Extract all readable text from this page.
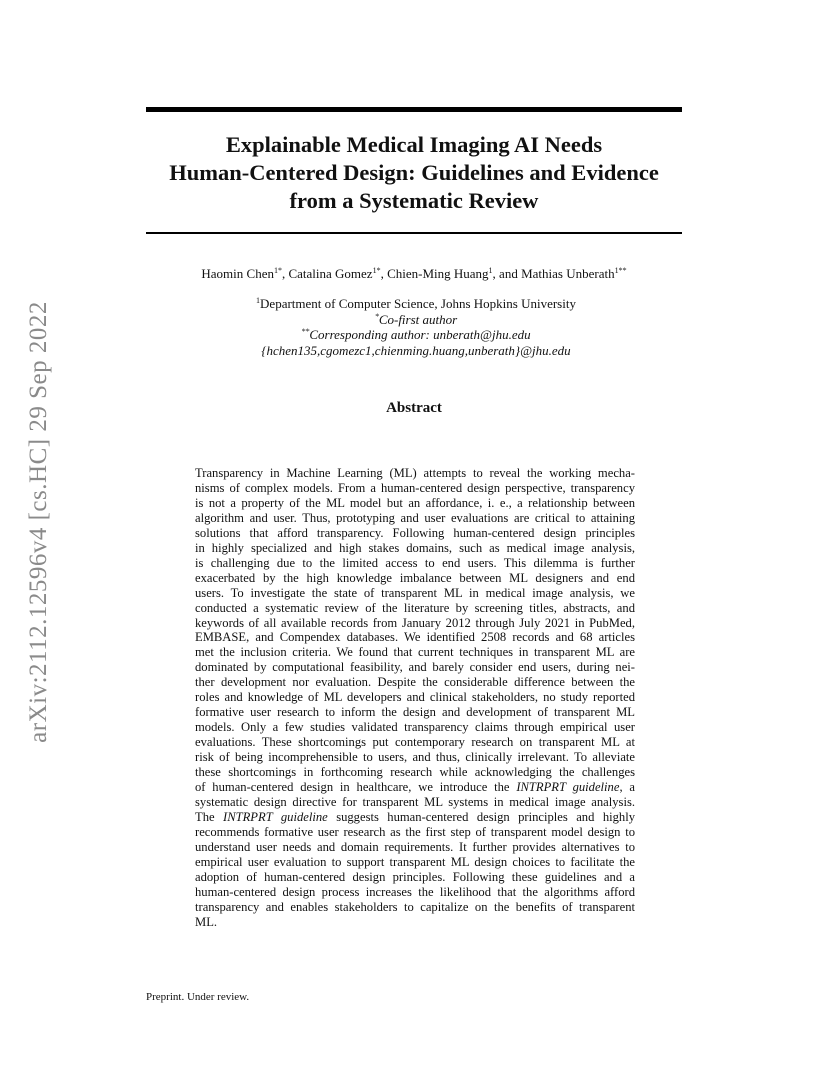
arXiv:2112.12596v4 [cs.HC] 29 Sep 2022
Explainable Medical Imaging AI Needs
Human-Centered Design: Guidelines and Evidence
from a Systematic Review
Haomin Chen$^{1*}$, Catalina Gomez$^{1*}$, Chien-Ming Huang$^1$, and Mathias Unberath$^{1**}$
$^1$Department of Computer Science, Johns Hopkins University
*Co-first author
**Corresponding author: unberath@jhu.edu
{hchen135,cgomezc1,chienming.huang,unberath}@jhu.edu
Abstract
Transparency in Machine Learning (ML) attempts to reveal the working mecha-
nisms of complex models. From a human-centered design perspective, transparency
is not a property of the ML model but an affordance, i. e., a relationship between
algorithm and user. Thus, prototyping and user evaluations are critical to attaining
solutions that afford transparency. Following human-centered design principles
in highly specialized and high stakes domains, such as medical image analysis,
is challenging due to the limited access to end users. This dilemma is further
exacerbated by the high knowledge imbalance between ML designers and end
users. To investigate the state of transparent ML in medical image analysis, we
conducted a systematic review of the literature by screening titles, abstracts, and
keywords of all available records from January 2012 through July 2021 in PubMed,
EMBASE, and Compendex databases. We identified 2508 records and 68 articles
met the inclusion criteria. We found that current techniques in transparent ML are
dominated by computational feasibility, and barely consider end users, during nei-
ther development nor evaluation. Despite the considerable difference between the
roles and knowledge of ML developers and clinical stakeholders, no study reported
formative user research to inform the design and development of transparent ML
models. Only a few studies validated transparency claims through empirical user
evaluations. These shortcomings put contemporary research on transparent ML at
risk of being incomprehensible to users, and thus, clinically irrelevant. To alleviate
these shortcomings in forthcoming research while acknowledging the challenges
of human-centered design in healthcare, we introduce the INTRPRT guideline, a
systematic design directive for transparent ML systems in medical image analysis.
The INTRPRT guideline suggests human-centered design principles and highly
recommends formative user research as the first step of transparent model design to
understand user needs and domain requirements. It further provides alternatives to
empirical user evaluation to support transparent ML design choices to facilitate the
adoption of human-centered design principles. Following these guidelines and a
human-centered design process increases the likelihood that the algorithms afford
transparency and enables stakeholders to capitalize on the benefits of transparent
ML.

Preprint. Under review.
